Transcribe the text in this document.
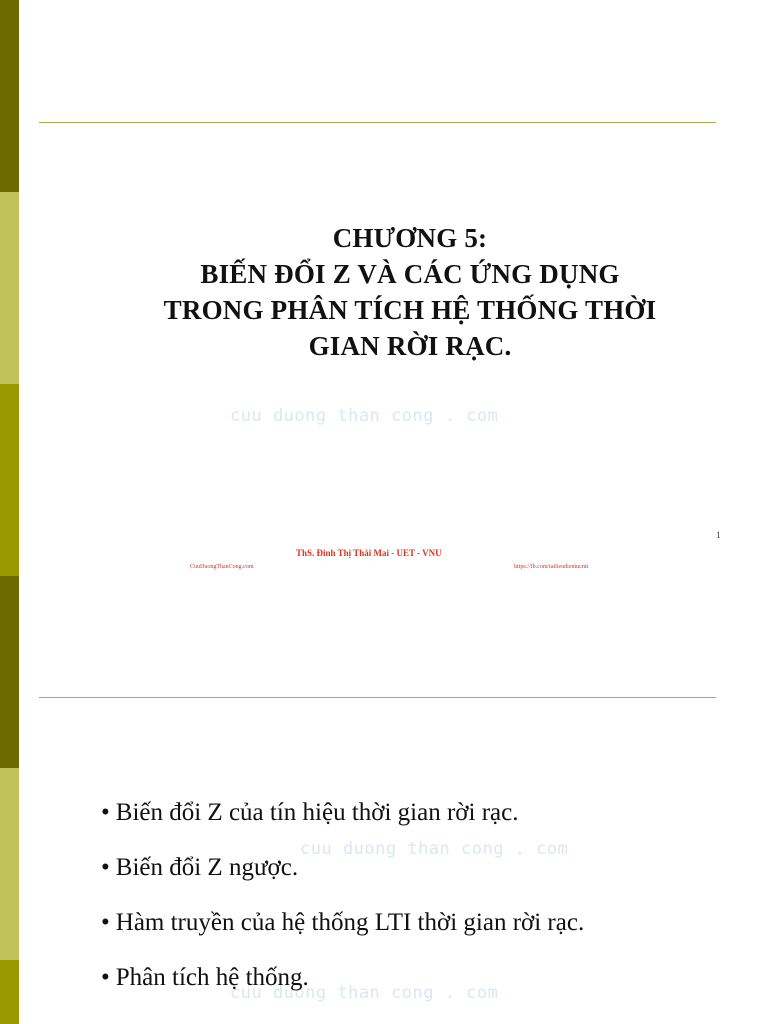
CHƯƠNG 5:
BIẾN ĐỔI Z VÀ CÁC ỨNG DỤNG
TRONG PHÂN TÍCH HỆ THỐNG THỜI
GIAN RỜI RẠC.
cuu duong than cong . com
1
ThS. Đinh Thị Thái Mai - UET - VNU
CuuDuongThanCong.com	https://fb.com/tailieudientucntt
cuu duong than cong . com
cuu duong than cong . com
• Biến đổi Z của tín hiệu thời gian rời rạc.
• Biến đổi Z ngược.
• Hàm truyền của hệ thống LTI thời gian rời rạc.
• Phân tích hệ thống.
